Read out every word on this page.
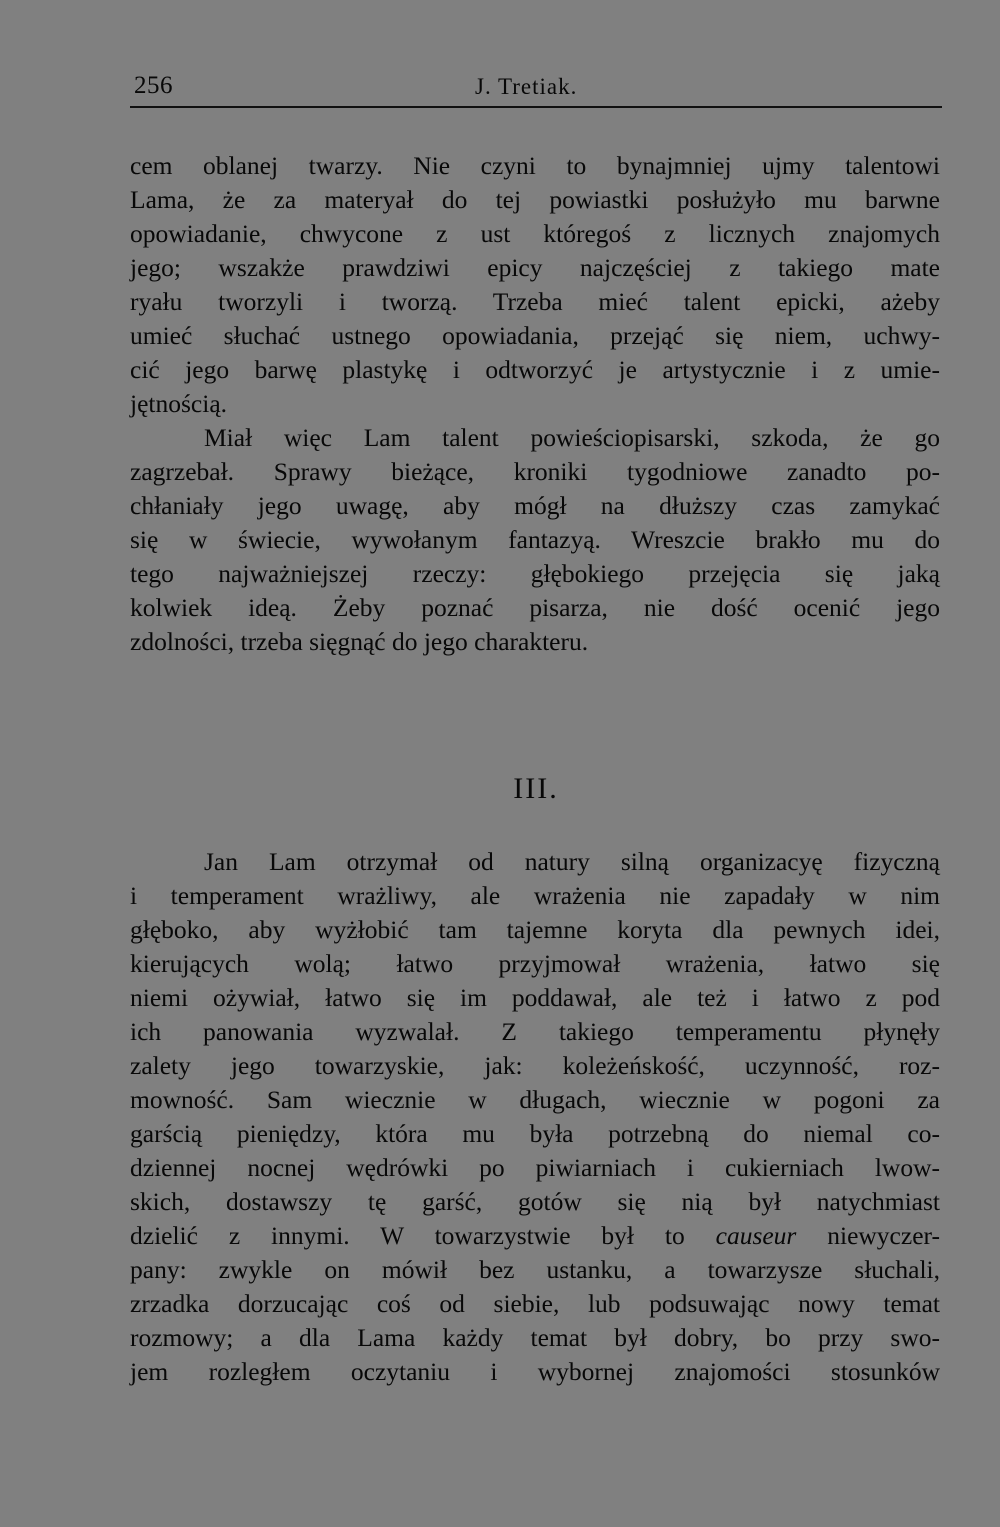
256	J. Tretiak.
cem oblanej twarzy. Nie czyni to bynajmniej ujmy talentowi
Lama, że za materyał do tej powiastki posłużyło mu barwne
opowiadanie, chwycone z ust któregoś z licznych znajomych
jego; wszakże prawdziwi epicy najczęściej z takiego mate
ryału tworzyli i tworzą. Trzeba mieć talent epicki, ażeby
umieć słuchać ustnego opowiadania, przejąć się niem, uchwy-
cić jego barwę plastykę i odtworzyć je artystycznie i z umie-
jętnością.
Miał więc Lam talent powieściopisarski, szkoda, że go
zagrzebał. Sprawy bieżące, kroniki tygodniowe zanadto po-
chłaniały jego uwagę, aby mógł na dłuższy czas zamykać
się w świecie, wywołanym fantazyą. Wreszcie brakło mu do
tego najważniejszej rzeczy: głębokiego przejęcia się jaką
kolwiek ideą. Żeby poznać pisarza, nie dość ocenić jego
zdolności, trzeba sięgnąć do jego charakteru.
III.
Jan Lam otrzymał od natury silną organizacyę fizyczną
i temperament wrażliwy, ale wrażenia nie zapadały w nim
głęboko, aby wyżłobić tam tajemne koryta dla pewnych idei,
kierujących wolą; łatwo przyjmował wrażenia, łatwo się
niemi ożywiał, łatwo się im poddawał, ale też i łatwo z pod
ich panowania wyzwalał. Z takiego temperamentu płynęły
zalety jego towarzyskie, jak: koleżeńskość, uczynność, roz-
mowność. Sam wiecznie w długach, wiecznie w pogoni za
garścią pieniędzy, która mu była potrzebną do niemal co-
dziennej nocnej wędrówki po piwiarniach i cukierniach lwow-
skich, dostawszy tę garść, gotów się nią był natychmiast
dzielić z innymi. W towarzystwie był to causeur niewyczer-
pany: zwykle on mówił bez ustanku, a towarzysze słuchali,
zrzadka dorzucając coś od siebie, lub podsuwając nowy temat
rozmowy; a dla Lama każdy temat był dobry, bo przy swo-
jem rozległem oczytaniu i wybornej znajomości stosunków
